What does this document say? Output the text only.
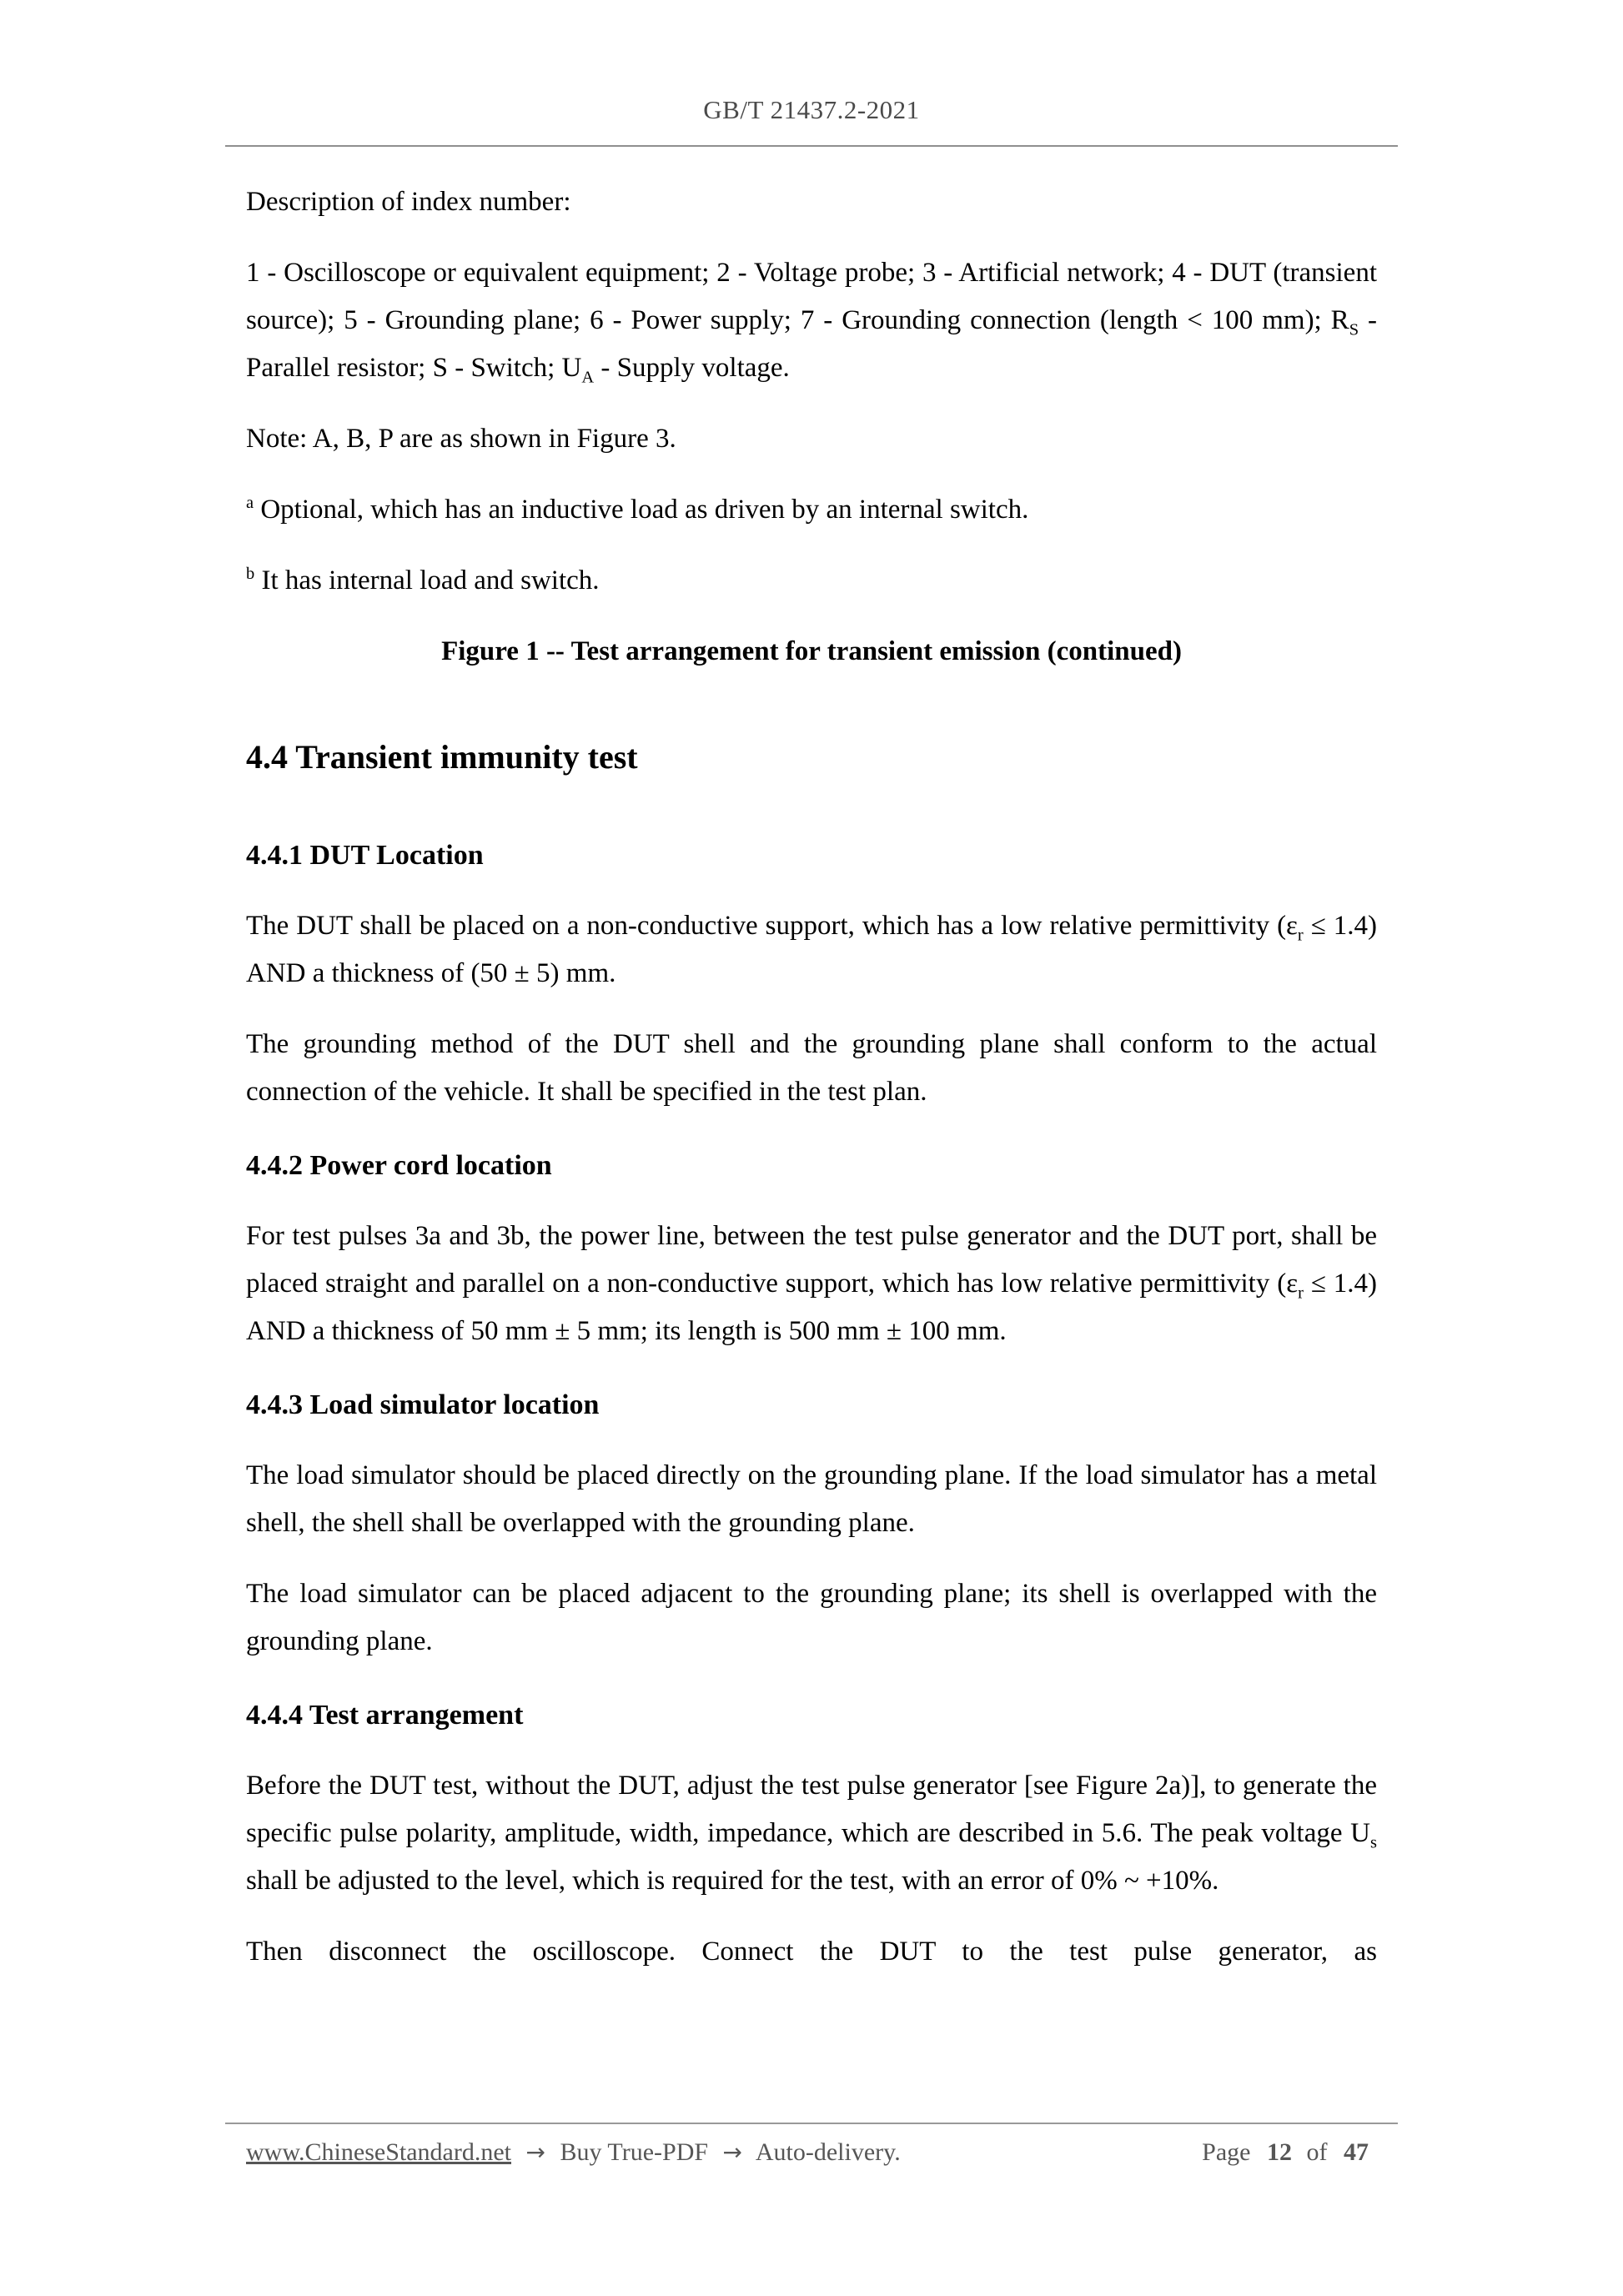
GB/T 21437.2-2021

Description of index number:

1 - Oscilloscope or equivalent equipment; 2 - Voltage probe; 3 - Artificial network; 4 - DUT (transient source); 5 - Grounding plane; 6 - Power supply; 7 - Grounding connection (length < 100 mm); $R_S$ - Parallel resistor; S - Switch; $U_A$ - Supply voltage.

Note: A, B, P are as shown in Figure 3.

$^a$ Optional, which has an inductive load as driven by an internal switch.

$^b$ It has internal load and switch.

Figure 1 -- Test arrangement for transient emission (continued)

4.4 Transient immunity test
4.4.1 DUT Location

The DUT shall be placed on a non-conductive support, which has a low relative permittivity $(\varepsilon_r \le 1.4)$ AND a thickness of (50 ± 5) mm.

The grounding method of the DUT shell and the grounding plane shall conform to the actual connection of the vehicle. It shall be specified in the test plan.

4.4.2 Power cord location

For test pulses 3a and 3b, the power line, between the test pulse generator and the DUT port, shall be placed straight and parallel on a non-conductive support, which has low relative permittivity $(\varepsilon_r \le 1.4)$ AND a thickness of 50 mm ± 5 mm; its length is 500 mm ± 100 mm.

4.4.3 Load simulator location

The load simulator should be placed directly on the grounding plane. If the load simulator has a metal shell, the shell shall be overlapped with the grounding plane.

The load simulator can be placed adjacent to the grounding plane; its shell is overlapped with the grounding plane.

4.4.4 Test arrangement

Before the DUT test, without the DUT, adjust the test pulse generator [see Figure 2a)], to generate the specific pulse polarity, amplitude, width, impedance, which are described in 5.6. The peak voltage $U_s$ shall be adjusted to the level, which is required for the test, with an error of 0% ~ +10%.

Then disconnect the oscilloscope. Connect the DUT to the test pulse generator, as

www.ChineseStandard.net → Buy True-PDF → Auto-delivery.	Page 12 of 47
